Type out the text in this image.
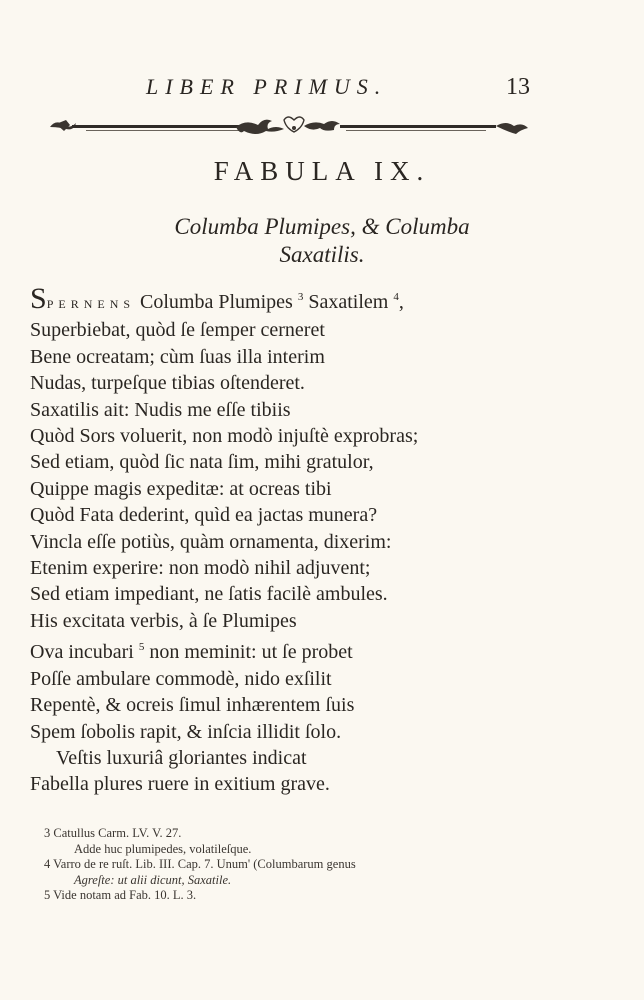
LIBER PRIMUS.	13
FABULA IX.
Columba Plumipes, & Columba
Saxatilis.
SPERNENS Columba Plumipes $^3$ Saxatilem $^4$,
Superbiebat, quòd ſe ſemper cerneret
Bene ocreatam; cùm ſuas illa interim
Nudas, turpeſque tibias oſtenderet.
Saxatilis ait: Nudis me eſſe tibiis
Quòd Sors voluerit, non modò injuſtè exprobras;
Sed etiam, quòd ſic nata ſim, mihi gratulor,
Quippe magis expeditæ: at ocreas tibi
Quòd Fata dederint, quìd ea jactas munera?
Vincla eſſe potiùs, quàm ornamenta, dixerim:
Etenim experire: non modò nihil adjuvent;
Sed etiam impediant, ne ſatis facilè ambules.
His excitata verbis, à ſe Plumipes
Ova incubari $^5$ non meminit: ut ſe probet
Poſſe ambulare commodè, nido exſilit
Repentè, & ocreis ſimul inhærentem ſuis
Spem ſobolis rapit, & inſcia illidit ſolo.
Veſtis luxuriâ gloriantes indicat
Fabella plures ruere in exitium grave.
3 Catullus Carm. LV. V. 27.
Adde huc plumipedes, volatileſque.
4 Varro de re ruſt. Lib. III. Cap. 7. Unum' (Columbarum genus
Agreſte: ut alii dicunt, Saxatile.
5 Vide notam ad Fab. 10. L. 3.
